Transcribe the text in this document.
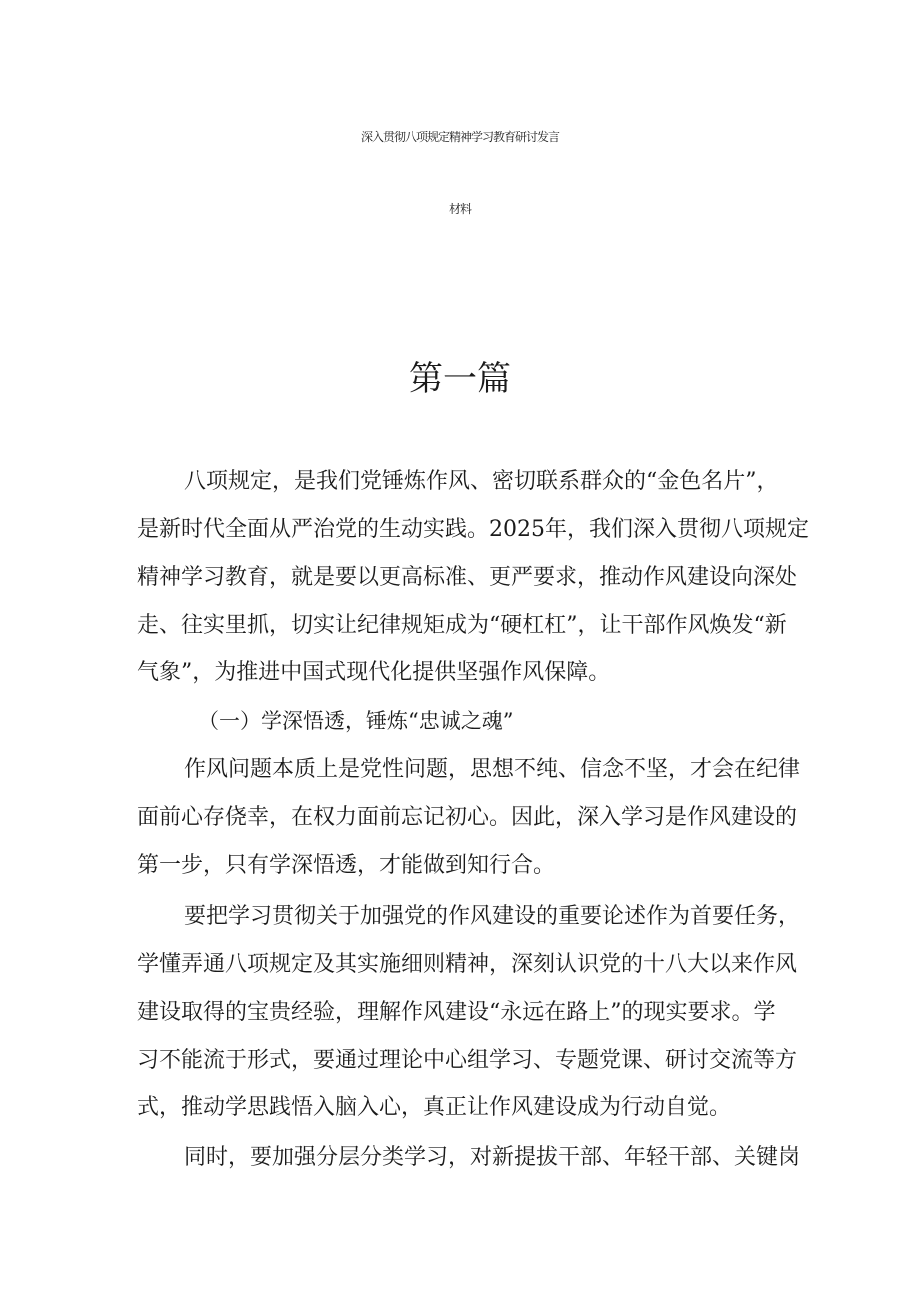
深入贯彻八项规定精神学习教育研讨发言
材料
第一篇

八项规定，是我们党锤炼作风、密切联系群众的“金色名片”，

是新时代全面从严治党的生动实践。2025年，我们深入贯彻八项规定

精神学习教育，就是要以更高标准、更严要求，推动作风建设向深处

走、往实里抓，切实让纪律规矩成为“硬杠杠”，让干部作风焕发“新

气象”，为推进中国式现代化提供坚强作风保障。

（一）学深悟透，锤炼“忠诚之魂”

作风问题本质上是党性问题，思想不纯、信念不坚，才会在纪律

面前心存侥幸，在权力面前忘记初心。因此，深入学习是作风建设的

第一步，只有学深悟透，才能做到知行合。

要把学习贯彻关于加强党的作风建设的重要论述作为首要任务，

学懂弄通八项规定及其实施细则精神，深刻认识党的十八大以来作风

建设取得的宝贵经验，理解作风建设“永远在路上”的现实要求。学

习不能流于形式，要通过理论中心组学习、专题党课、研讨交流等方

式，推动学思践悟入脑入心，真正让作风建设成为行动自觉。

同时，要加强分层分类学习，对新提拔干部、年轻干部、关键岗
